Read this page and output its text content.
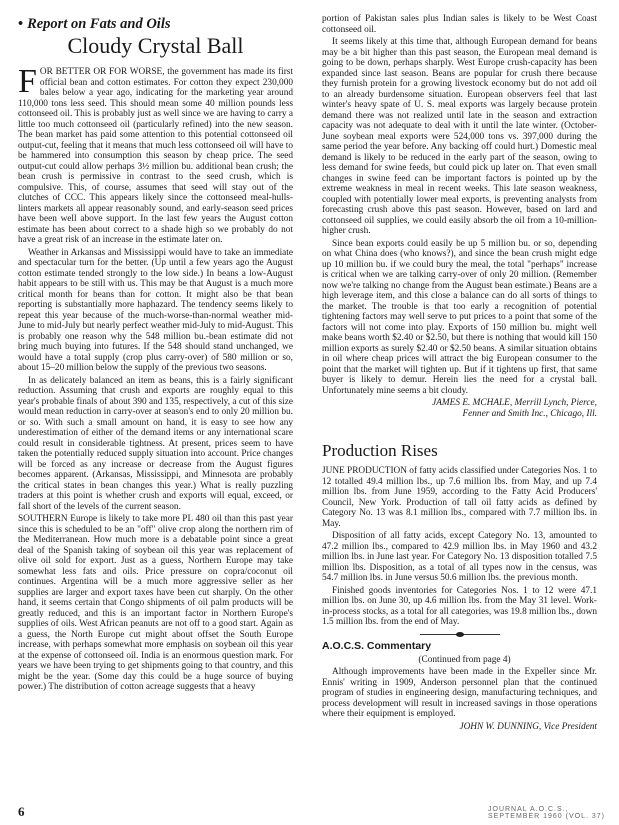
• Report on Fats and Oils
Cloudy Crystal Ball

FOR BETTER OR FOR WORSE, the government has made its first official bean and cotton estimates. For cotton they expect 230,000 bales below a year ago, indicating for the marketing year around 110,000 tons less seed. This should mean some 40 million pounds less cottonseed oil. This is probably just as well since we are having to carry a little too much cottonseed oil (particularly refined) into the new season. The bean market has paid some attention to this potential cottonseed oil output-cut, feeling that it means that much less cottonseed oil will have to be hammered into consumption this season by cheap price. The seed output-cut could allow perhaps 3½ million bu. additional bean crush; the bean crush is permissive in contrast to the seed crush, which is compulsive. This, of course, assumes that seed will stay out of the clutches of CCC. This appears likely since the cottonseed meal-hulls-linters markets all appear reasonably sound, and early-season seed prices have been well above support. In the last few years the August cotton estimate has been about correct to a shade high so we probably do not have a great risk of an increase in the estimate later on.

Weather in Arkansas and Mississippi would have to take an immediate and spectacular turn for the better. (Up until a few years ago the August cotton estimate tended strongly to the low side.) In beans a low-August habit appears to be still with us. This may be that August is a much more critical month for beans than for cotton. It might also be that bean reporting is substantially more haphazard. The tendency seems likely to repeat this year because of the much-worse-than-normal weather mid-June to mid-July but nearly perfect weather mid-July to mid-August. This is probably one reason why the 548 million bu.-bean estimate did not bring much buying into futures. If the 548 should stand unchanged, we would have a total supply (crop plus carry-over) of 580 million or so, about 15–20 million below the supply of the previous two seasons.

In as delicately balanced an item as beans, this is a fairly significant reduction. Assuming that crush and exports are roughly equal to this year's probable finals of about 390 and 135, respectively, a cut of this size would mean reduction in carry-over at season's end to only 20 million bu. or so. With such a small amount on hand, it is easy to see how any underestimation of either of the demand items or any international scare could result in considerable tightness. At present, prices seem to have taken the potentially reduced supply situation into account. Price changes will be forced as any increase or decrease from the August figures becomes apparent. (Arkansas, Mississippi, and Minnesota are probably the critical states in bean changes this year.) What is really puzzling traders at this point is whether crush and exports will equal, exceed, or fall short of the levels of the current season.

SOUTHERN Europe is likely to take more PL 480 oil than this past year since this is scheduled to be an "off" olive crop along the northern rim of the Mediterranean. How much more is a debatable point since a great deal of the Spanish taking of soybean oil this year was replacement of olive oil sold for export. Just as a guess, Northern Europe may take somewhat less fats and oils. Price pressure on copra/coconut oil continues. Argentina will be a much more aggressive seller as her supplies are larger and export taxes have been cut sharply. On the other hand, it seems certain that Congo shipments of oil palm products will be greatly reduced, and this is an important factor in Northern Europe's supplies of oils. West African peanuts are not off to a good start. Again as a guess, the North Europe cut might about offset the South Europe increase, with perhaps somewhat more emphasis on soybean oil this year at the expense of cottonseed oil. India is an enormous question mark. For years we have been trying to get shipments going to that country, and this might be the year. (Some day this could be a huge source of buying power.) The distribution of cotton acreage suggests that a heavy

portion of Pakistan sales plus Indian sales is likely to be West Coast cottonseed oil.

It seems likely at this time that, although European demand for beans may be a bit higher than this past season, the European meal demand is going to be down, perhaps sharply. West Europe crush-capacity has been expanded since last season. Beans are popular for crush there because they furnish protein for a growing livestock economy but do not add oil to an already burdensome situation. European observers feel that last winter's heavy spate of U. S. meal exports was largely because protein demand there was not realized until late in the season and extraction capacity was not adequate to deal with it until the late winter. (October-June soybean meal exports were 524,000 tons vs. 397,000 during the same period the year before. Any backing off could hurt.) Domestic meal demand is likely to be reduced in the early part of the season, owing to less demand for swine feeds, but could pick up later on. That even small changes in swine feed can be important factors is pointed up by the extreme weakness in meal in recent weeks. This late season weakness, coupled with potentially lower meal exports, is preventing analysts from forecasting crush above this past season. However, based on lard and cottonseed oil supplies, we could easily absorb the oil from a 10-million-higher crush.

Since bean exports could easily be up 5 million bu. or so, depending on what China does (who knows?), and since the bean crush might edge up 10 million bu. if we could bury the meal, the total "perhaps" increase is critical when we are talking carry-over of only 20 million. (Remember now we're talking no change from the August bean estimate.) Beans are a high leverage item, and this close a balance can do all sorts of things to the market. The trouble is that too early a recognition of potential tightening factors may well serve to put prices to a point that some of the factors will not come into play. Exports of 150 million bu. might well make beans worth $2.40 or $2.50, but there is nothing that would kill 150 million exports as surely $2.40 or $2.50 beans. A similar situation obtains in oil where cheap prices will attract the big European consumer to the point that the market will tighten up. But if it tightens up first, that same buyer is likely to demur. Herein lies the need for a crystal ball. Unfortunately mine seems a bit cloudy.

JAMES E. MCHALE, Merrill Lynch, Pierce,
Fenner and Smith Inc., Chicago, Ill.
Production Rises

JUNE PRODUCTION of fatty acids classified under Categories Nos. 1 to 12 totalled 49.4 million lbs., up 7.6 million lbs. from May, and up 7.4 million lbs. from June 1959, according to the Fatty Acid Producers' Council, New York. Production of tall oil fatty acids as defined by Category No. 13 was 8.1 million lbs., compared with 7.7 million lbs. in May.

Disposition of all fatty acids, except Category No. 13, amounted to 47.2 million lbs., compared to 42.9 million lbs. in May 1960 and 43.2 million lbs. in June last year. For Category No. 13 disposition totalled 7.5 million lbs. Disposition, as a total of all types now in the census, was 54.7 million lbs. in June versus 50.6 million lbs. the previous month.

Finished goods inventories for Categories Nos. 1 to 12 were 47.1 million lbs. on June 30, up 4.6 million lbs. from the May 31 level. Work-in-process stocks, as a total for all categories, was 19.8 million lbs., down 1.5 million lbs. from the end of May.

A.O.C.S. Commentary

(Continued from page 4)

Although improvements have been made in the Expeller since Mr. Ennis' writing in 1909, Anderson personnel plan that the continued program of studies in engineering design, manufacturing techniques, and process development will result in increased savings in those operations where their equipment is employed.

JOHN W. DUNNING, Vice President

6	JOURNAL A.O.C.S., SEPTEMBER 1960 (VOL. 37)
